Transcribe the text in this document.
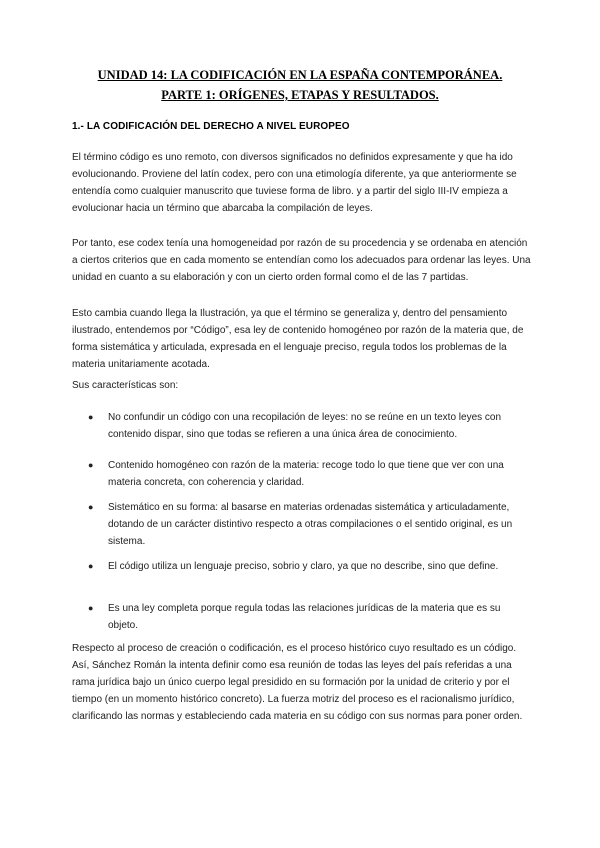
UNIDAD 14: LA CODIFICACIÓN EN LA ESPAÑA CONTEMPORÁNEA.
PARTE 1: ORÍGENES, ETAPAS Y RESULTADOS.
1.- LA CODIFICACIÓN DEL DERECHO A NIVEL EUROPEO
El término código es uno remoto, con diversos significados no definidos expresamente y que ha ido evolucionando. Proviene del latín codex, pero con una etimología diferente, ya que anteriormente se entendía como cualquier manuscrito que tuviese forma de libro. y a partir del siglo III-IV empieza a evolucionar hacia un término que abarcaba la compilación de leyes.
Por tanto, ese codex tenía una homogeneidad por razón de su procedencia y se ordenaba en atención a ciertos criterios que en cada momento se entendían como los adecuados para ordenar las leyes. Una unidad en cuanto a su elaboración y con un cierto orden formal como el de las 7 partidas.
Esto cambia cuando llega la Ilustración, ya que el término se generaliza y, dentro del pensamiento ilustrado, entendemos por “Código”, esa ley de contenido homogéneo por razón de la materia que, de forma sistemática y articulada, expresada en el lenguaje preciso, regula todos los problemas de la materia unitariamente acotada.
Sus características son:
● No confundir un código con una recopilación de leyes: no se reúne en un texto leyes con contenido dispar, sino que todas se refieren a una única área de conocimiento.
● Contenido homogéneo con razón de la materia: recoge todo lo que tiene que ver con una materia concreta, con coherencia y claridad.
● Sistemático en su forma: al basarse en materias ordenadas sistemática y articuladamente, dotando de un carácter distintivo respecto a otras compilaciones o el sentido original, es un sistema.
● El código utiliza un lenguaje preciso, sobrio y claro, ya que no describe, sino que define.
● Es una ley completa porque regula todas las relaciones jurídicas de la materia que es su objeto.
Respecto al proceso de creación o codificación, es el proceso histórico cuyo resultado es un código. Así, Sánchez Román la intenta definir como esa reunión de todas las leyes del país referidas a una rama jurídica bajo un único cuerpo legal presidido en su formación por la unidad de criterio y por el tiempo (en un momento histórico concreto). La fuerza motriz del proceso es el racionalismo jurídico, clarificando las normas y estableciendo cada materia en su código con sus normas para poner orden.
